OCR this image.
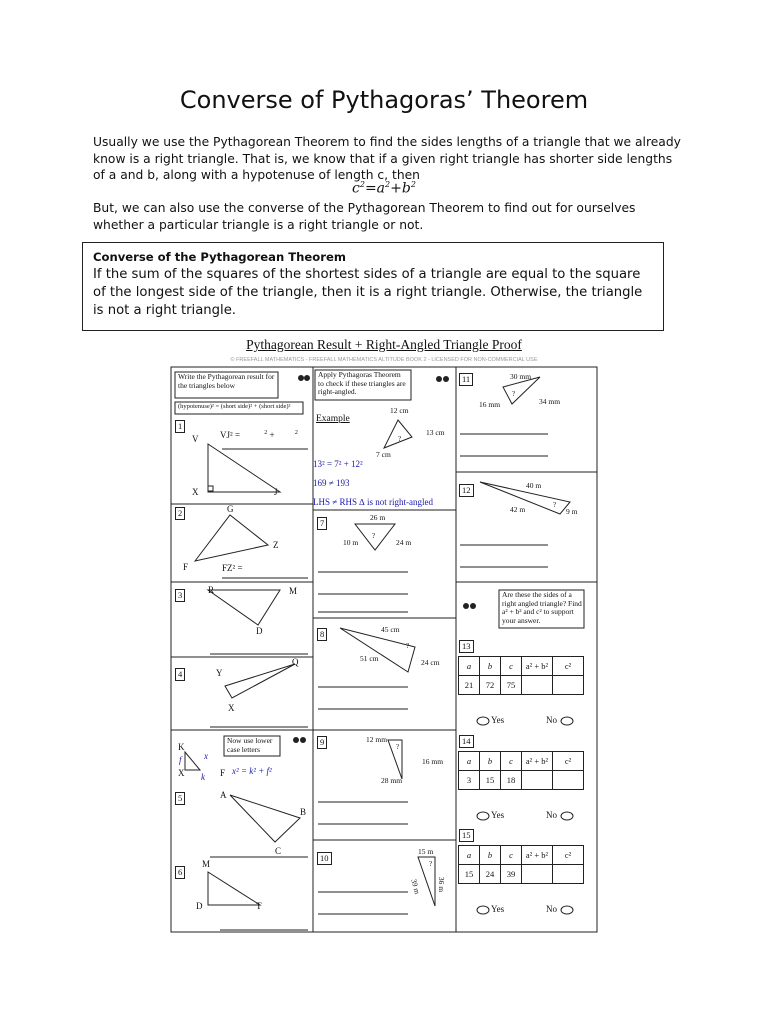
Converse of Pythagoras’ Theorem
Usually we use the Pythagorean Theorem to find the sides lengths of a triangle that we already know is a right triangle. That is, we know that if a given right triangle has shorter side lengths of a and b, along with a hypotenuse of length c, then
$c^2=a^2+b^2$
But, we can also use the converse of the Pythagorean Theorem to find out for ourselves whether a particular triangle is a right triangle or not.
Converse of the Pythagorean Theorem
If the sum of the squares of the shortest sides of a triangle are equal to the square of the longest side of the triangle, then it is a right triangle. Otherwise, the triangle is not a right triangle.
Pythagorean Result + Right-Angled Triangle Proof
© FREEFALL MATHEMATICS - FREEFALL MATHEMATICS ALTITUDE BOOK 2 - LICENSED FOR NON-COMMERCIAL USE
Write the Pythagorean result for the triangles below
(hypotenuse)² = (short side)² + (short side)²
Apply Pythagoras Theorem to check if these triangles are right-angled.
Are these the sides of a right angled triangle? Find a² + b² and c² to support your answer.
Now use lower case letters
1
VJ² =	$^2$ +	$^2$
V
X	J
2	G
F
Z
FZ² =
3	R	M
D
4	Y
Q
X
K
X	F
f x
k
x² = k² + f²
5	A
B
C
6
M
D	T
Example
12 cm
13 cm
7 cm
?
13² = 7² + 12²
169 ≠ 193
LHS ≠ RHS ∆ is not right-angled
7
26 m
10 m	24 m
?
8	45 cm
51 cm	24 cm
?
9	12 mm
16 mm
28 mm
?
10
15 m
36 m
39 m
?
11	30 mm
16 mm	34 mm
?
12	40 m
42 m	9 m
?
13
a	b	c	a² + b²	c²
21	72	75		
Yes	No
14
a	b	c	a² + b²	c²
3	15	18		
Yes	No
15
a	b	c	a² + b²	c²
15	24	39		
Yes	No
